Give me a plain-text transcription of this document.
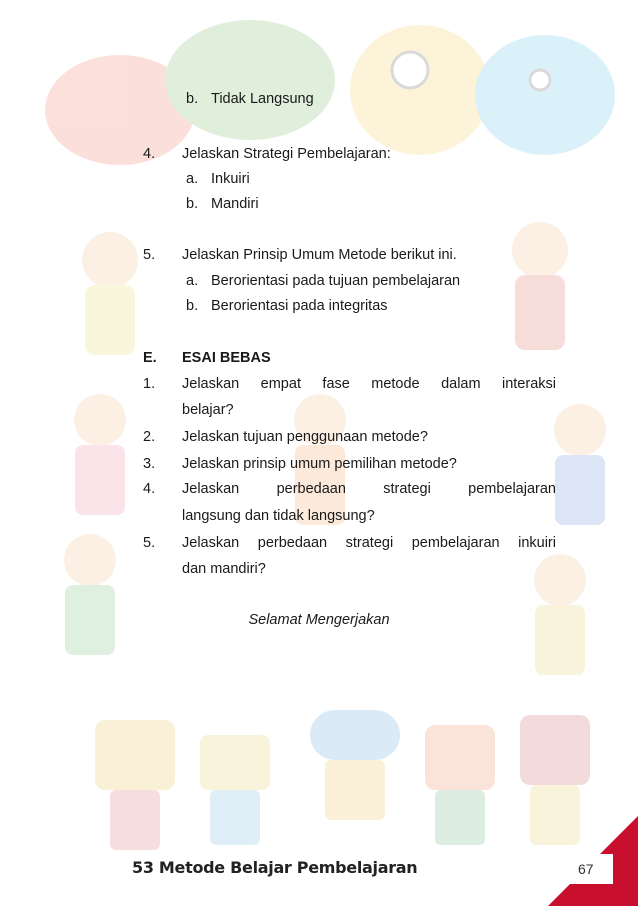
b. Tidak Langsung
4. Jelaskan Strategi Pembelajaran:
a. Inkuiri
b. Mandiri
5. Jelaskan Prinsip Umum Metode berikut ini.
a. Berorientasi pada tujuan pembelajaran
b. Berorientasi pada integritas
E. ESAI BEBAS
1. Jelaskan empat fase metode dalam interaksi
belajar?
2. Jelaskan tujuan penggunaan metode?
3. Jelaskan prinsip umum pemilihan metode?
4. Jelaskan perbedaan strategi pembelajaran
langsung dan tidak langsung?
5. Jelaskan perbedaan strategi pembelajaran inkuiri
dan mandiri?
Selamat Mengerjakan
53 Metode Belajar Pembelajaran	67
